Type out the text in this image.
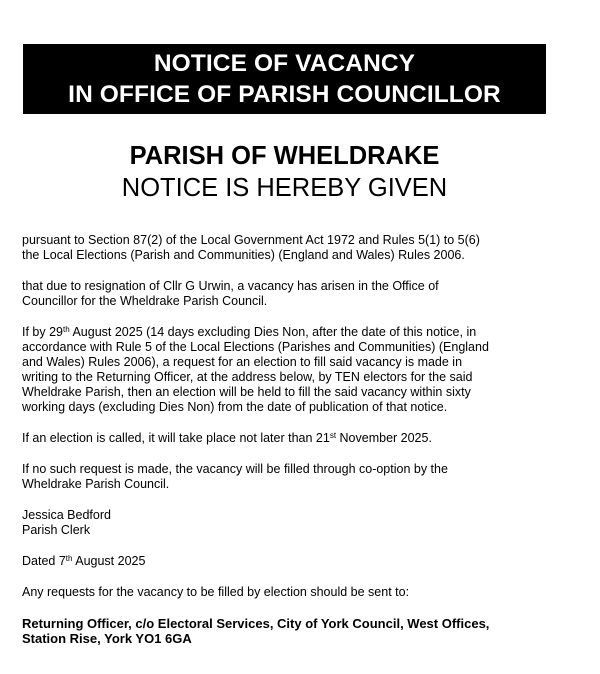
NOTICE OF VACANCY
IN OFFICE OF PARISH COUNCILLOR
PARISH OF WHELDRAKE
NOTICE IS HEREBY GIVEN

pursuant to Section 87(2) of the Local Government Act 1972 and Rules 5(1) to 5(6)

the Local Elections (Parish and Communities) (England and Wales) Rules 2006.

that due to resignation of Cllr G Urwin, a vacancy has arisen in the Office of

Councillor for the Wheldrake Parish Council.

If by 29th August 2025 (14 days excluding Dies Non, after the date of this notice, in

accordance with Rule 5 of the Local Elections (Parishes and Communities) (England

and Wales) Rules 2006), a request for an election to fill said vacancy is made in

writing to the Returning Officer, at the address below, by TEN electors for the said

Wheldrake Parish, then an election will be held to fill the said vacancy within sixty

working days (excluding Dies Non) from the date of publication of that notice.

If an election is called, it will take place not later than 21st November 2025.

If no such request is made, the vacancy will be filled through co-option by the

Wheldrake Parish Council.

Jessica Bedford

Parish Clerk

Dated 7th August 2025

Any requests for the vacancy to be filled by election should be sent to:

Returning Officer, c/o Electoral Services, City of York Council, West Offices,

Station Rise, York YO1 6GA
